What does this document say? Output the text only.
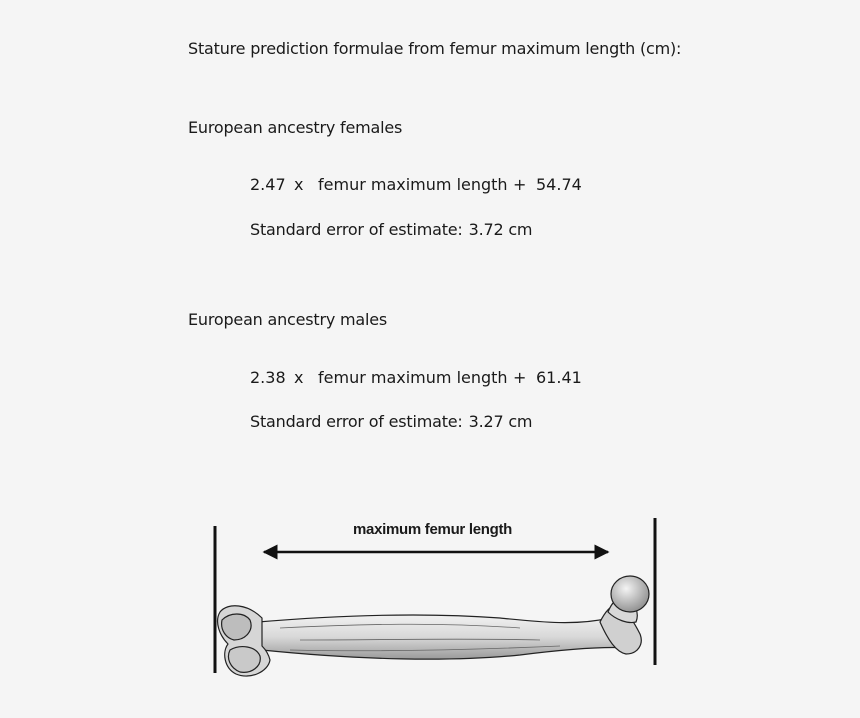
Stature prediction formulae from femur maximum length (cm):
European ancestry females
2.47 x femur maximum length + 54.74
Standard error of estimate: 3.72 cm
European ancestry males
2.38 x femur maximum length + 61.41
Standard error of estimate: 3.27 cm
maximum femur length
